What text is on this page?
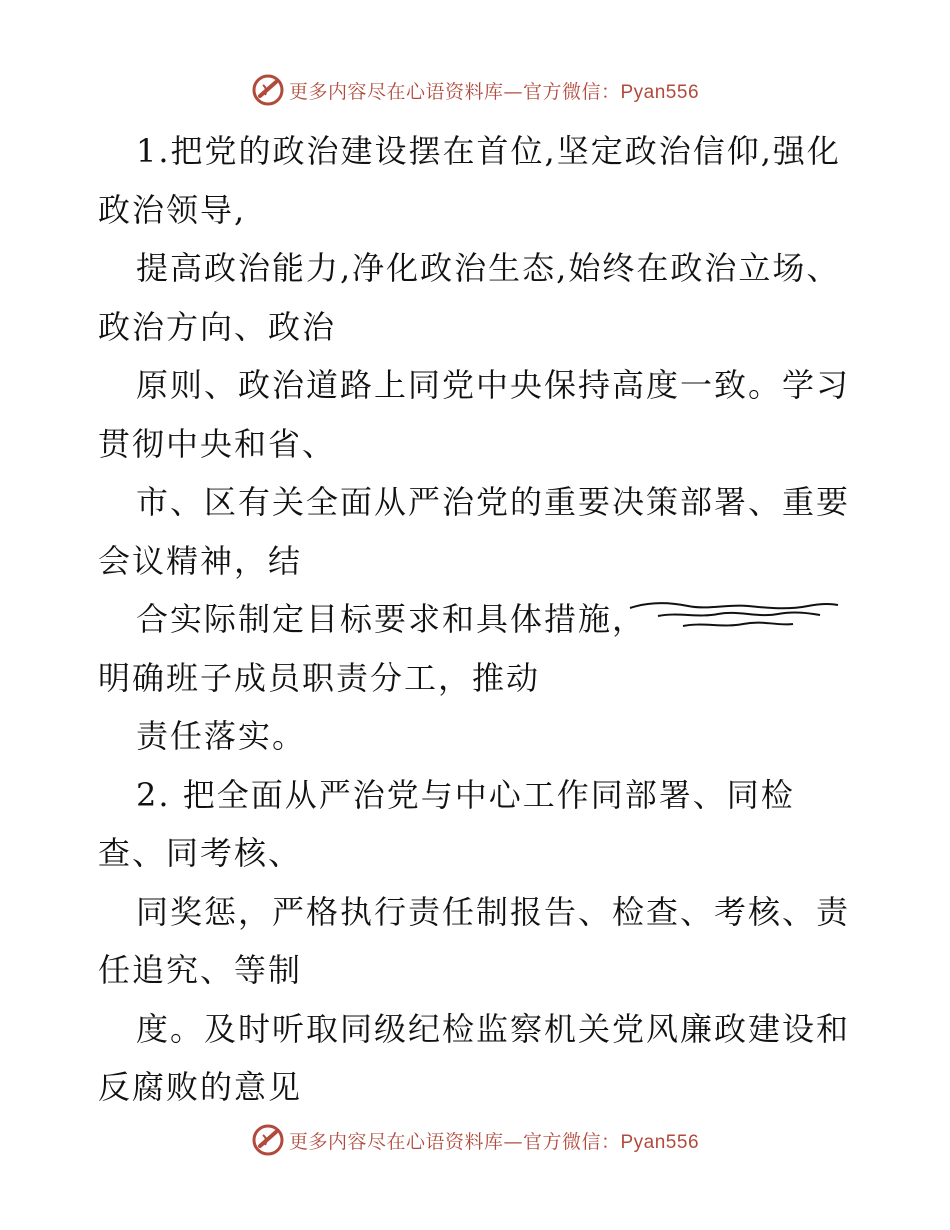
更多内容尽在心语资料库—官方微信：Pyan556
1.把党的政治建设摆在首位,坚定政治信仰,强化
政治领导,
提高政治能力,净化政治生态,始终在政治立场、
政治方向、政治
原则、政治道路上同党中央保持高度一致。学习
贯彻中央和省、
市、区有关全面从严治党的重要决策部署、重要
会议精神，结
合实际制定目标要求和具体措施，
明确班子成员职责分工，推动
责任落实。
2. 把全面从严治党与中心工作同部署、同检
查、同考核、
同奖惩，严格执行责任制报告、检查、考核、责
任追究、等制
度。及时听取同级纪检监察机关党风廉政建设和
反腐败的意见
更多内容尽在心语资料库—官方微信：Pyan556
